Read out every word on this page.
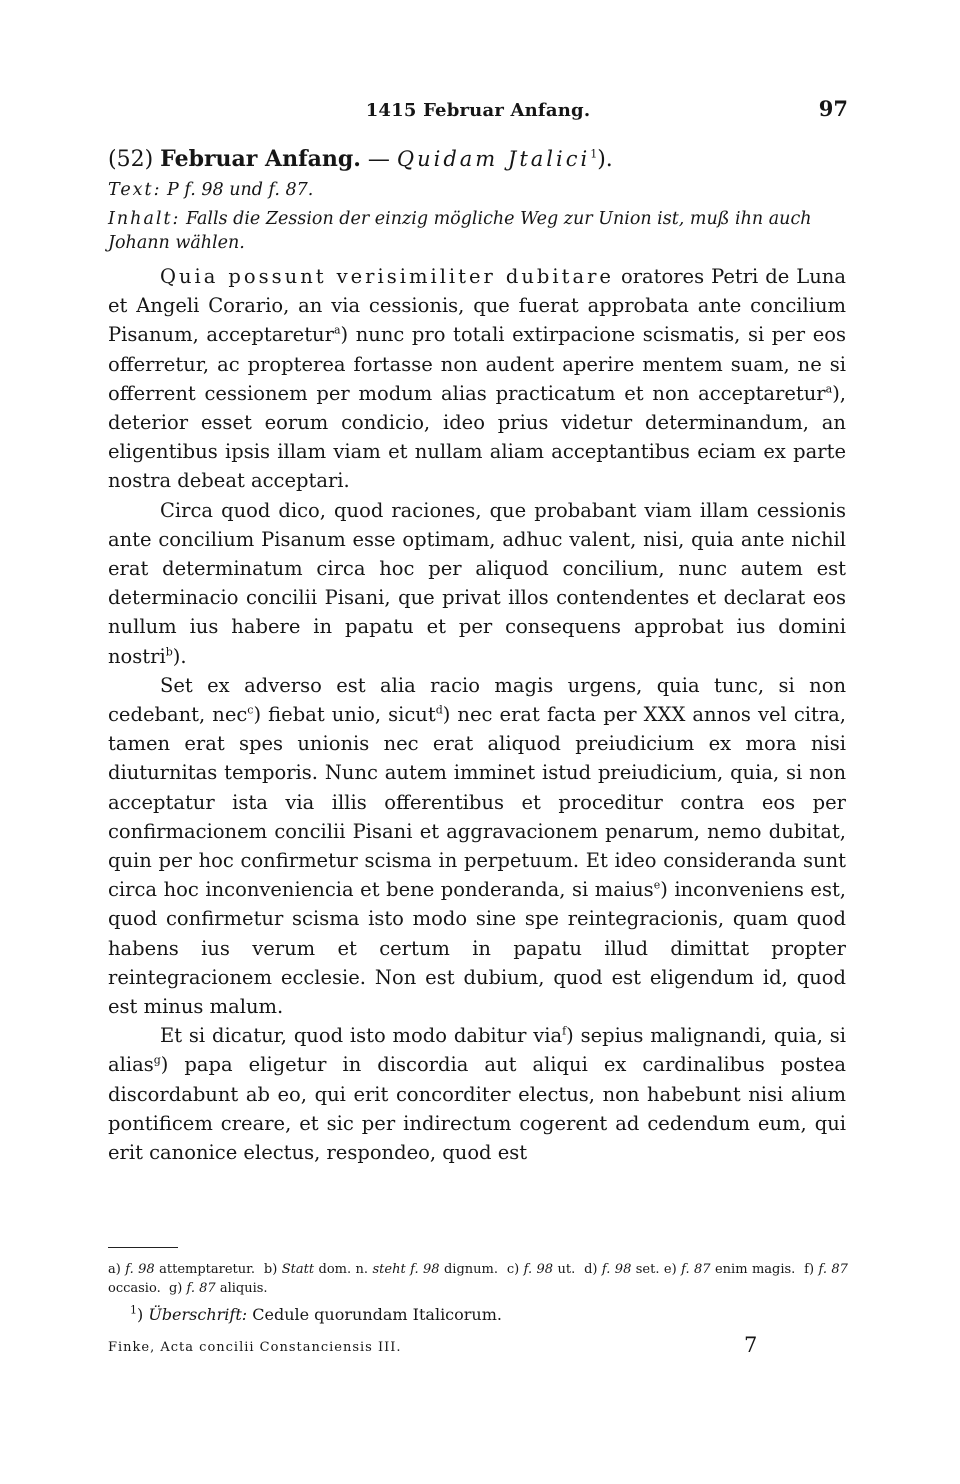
1415 Februar Anfang.	97
(52) Februar Anfang. — Quidam Jtalici$^1$).
Text: P f. 98 und f. 87.
Inhalt: Falls die Zession der einzig mögliche Weg zur Union ist, muß ihn auch Johann wählen.

Quia possunt verisimiliter dubitare oratores Petri de Luna et Angeli Corario, an via cessionis, que fuerat approbata ante concilium Pisanum, acceptaretur$^a$) nunc pro totali extirpacione scismatis, si per eos offerretur, ac propterea fortasse non audent aperire mentem suam, ne si offerrent cessionem per modum alias practicatum et non acceptaretur$^a$), deterior esset eorum condicio, ideo prius videtur determinandum, an eligentibus ipsis illam viam et nullam aliam acceptantibus eciam ex parte nostra debeat acceptari.

Circa quod dico, quod raciones, que probabant viam illam cessionis ante concilium Pisanum esse optimam, adhuc valent, nisi, quia ante nichil erat determinatum circa hoc per aliquod concilium, nunc autem est determinacio concilii Pisani, que privat illos contendentes et declarat eos nullum ius habere in papatu et per consequens approbat ius domini nostri$^b$).

Set ex adverso est alia racio magis urgens, quia tunc, si non cedebant, nec$^c$) fiebat unio, sicut$^d$) nec erat facta per XXX annos vel citra, tamen erat spes unionis nec erat aliquod preiudicium ex mora nisi diuturnitas temporis. Nunc autem imminet istud preiudicium, quia, si non acceptatur ista via illis offerentibus et proceditur contra eos per confirmacionem concilii Pisani et aggravacionem penarum, nemo dubitat, quin per hoc confirmetur scisma in perpetuum. Et ideo consideranda sunt circa hoc inconveniencia et bene ponderanda, si maius$^e$) inconveniens est, quod confirmetur scisma isto modo sine spe reintegracionis, quam quod habens ius verum et certum in papatu illud dimittat propter reintegracionem ecclesie. Non est dubium, quod est eligendum id, quod est minus malum.

Et si dicatur, quod isto modo dabitur via$^f$) sepius malignandi, quia, si alias$^g$) papa eligetur in discordia aut aliqui ex cardinalibus postea discordabunt ab eo, qui erit concorditer electus, non habebunt nisi alium pontificem creare, et sic per indirectum cogerent ad cedendum eum, qui erit canonice electus, respondeo, quod est

a) f. 98 attemptaretur. b) Statt dom. n. steht f. 98 dignum. c) f. 98 ut. d) f. 98 set. e) f. 87 enim magis. f) f. 87 occasio. g) f. 87 aliquis.
$^1$) Überschrift: Cedule quorundam Italicorum.
Finke, Acta concilii Constanciensis III.	7
